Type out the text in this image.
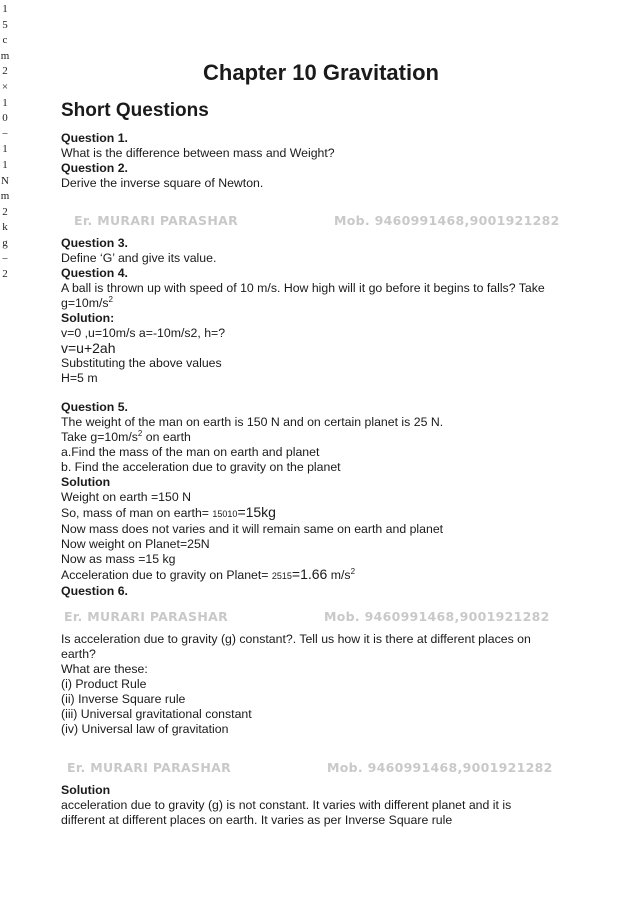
1
5
c
m
2
×
1
0
−
1
1
N
m
2
k
g
−
2
Chapter 10 Gravitation
Short Questions
Question 1.
What is the difference between mass and Weight?
Question 2.
Derive the inverse square of Newton.
Er. MURARI PARASHAR	Mob. 9460991468,9001921282
Question 3.
Define ‘G’ and give its value.
Question 4.
A ball is thrown up with speed of 10 m/s. How high will it go before it begins to falls? Take
$g=10m/s^2$
Solution:
v=0 ,u=10m/s a=-10m/s2, h=?
v=u+2ah
Substituting the above values
H=5 m
Question 5.
The weight of the man on earth is 150 N and on certain planet is 25 N.
Take $g=10m/s^2$ on earth
a.Find the mass of the man on earth and planet
b. Find the acceleration due to gravity on the planet
Solution
Weight on earth =150 N
So, mass of man on earth= 15010=15kg
Now mass does not varies and it will remain same on earth and planet
Now weight on Planet=25N
Now as mass =15 kg
Acceleration due to gravity on Planet= 2515=1.66 $m/s^2$
Question 6.
Er. MURARI PARASHAR	Mob. 9460991468,9001921282
Is acceleration due to gravity (g) constant?. Tell us how it is there at different places on
earth?
What are these:
(i) Product Rule
(ii) Inverse Square rule
(iii) Universal gravitational constant
(iv) Universal law of gravitation
Er. MURARI PARASHAR	Mob. 9460991468,9001921282
Solution
acceleration due to gravity (g) is not constant. It varies with different planet and it is
different at different places on earth. It varies as per Inverse Square rule
